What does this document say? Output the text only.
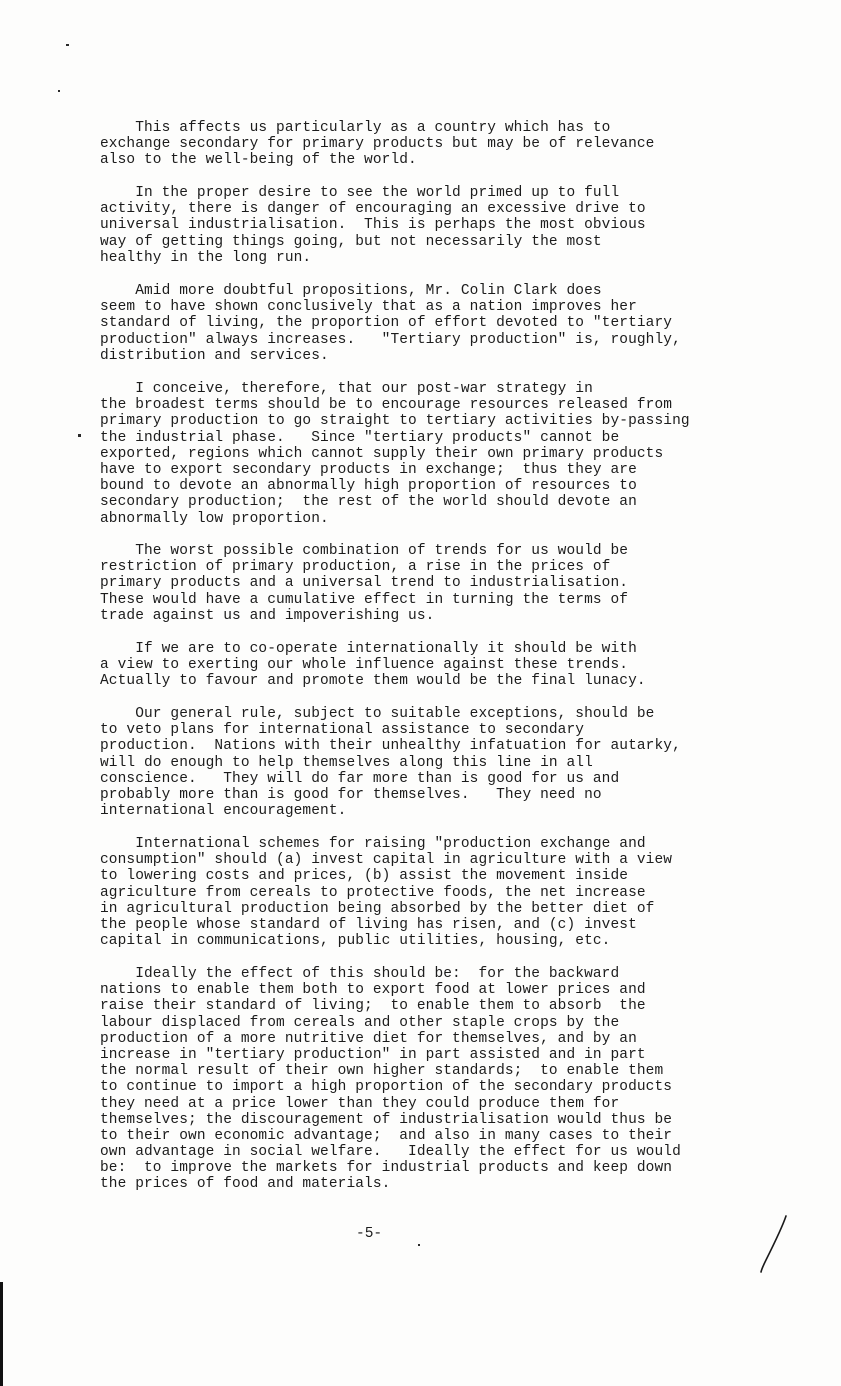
This affects us particularly as a country which has to
exchange secondary for primary products but may be of relevance
also to the well-being of the world.
In the proper desire to see the world primed up to full
activity, there is danger of encouraging an excessive drive to
universal industrialisation.  This is perhaps the most obvious
way of getting things going, but not necessarily the most
healthy in the long run.
Amid more doubtful propositions, Mr. Colin Clark does
seem to have shown conclusively that as a nation improves her
standard of living, the proportion of effort devoted to "tertiary
production" always increases.   "Tertiary production" is, roughly,
distribution and services.
I conceive, therefore, that our post-war strategy in
the broadest terms should be to encourage resources released from
primary production to go straight to tertiary activities by-passing
the industrial phase.   Since "tertiary products" cannot be
exported, regions which cannot supply their own primary products
have to export secondary products in exchange;  thus they are
bound to devote an abnormally high proportion of resources to
secondary production;  the rest of the world should devote an
abnormally low proportion.
The worst possible combination of trends for us would be
restriction of primary production, a rise in the prices of
primary products and a universal trend to industrialisation.
These would have a cumulative effect in turning the terms of
trade against us and impoverishing us.
If we are to co-operate internationally it should be with
a view to exerting our whole influence against these trends.
Actually to favour and promote them would be the final lunacy.
Our general rule, subject to suitable exceptions, should be
to veto plans for international assistance to secondary
production.  Nations with their unhealthy infatuation for autarky,
will do enough to help themselves along this line in all
conscience.   They will do far more than is good for us and
probably more than is good for themselves.   They need no
international encouragement.
International schemes for raising "production exchange and
consumption" should (a) invest capital in agriculture with a view
to lowering costs and prices, (b) assist the movement inside
agriculture from cereals to protective foods, the net increase
in agricultural production being absorbed by the better diet of
the people whose standard of living has risen, and (c) invest
capital in communications, public utilities, housing, etc.
Ideally the effect of this should be:  for the backward
nations to enable them both to export food at lower prices and
raise their standard of living;  to enable them to absorb  the
labour displaced from cereals and other staple crops by the
production of a more nutritive diet for themselves, and by an
increase in "tertiary production" in part assisted and in part
the normal result of their own higher standards;  to enable them
to continue to import a high proportion of the secondary products
they need at a price lower than they could produce them for
themselves; the discouragement of industrialisation would thus be
to their own economic advantage;  and also in many cases to their
own advantage in social welfare.   Ideally the effect for us would
be:  to improve the markets for industrial products and keep down
the prices of food and materials.
-5-
